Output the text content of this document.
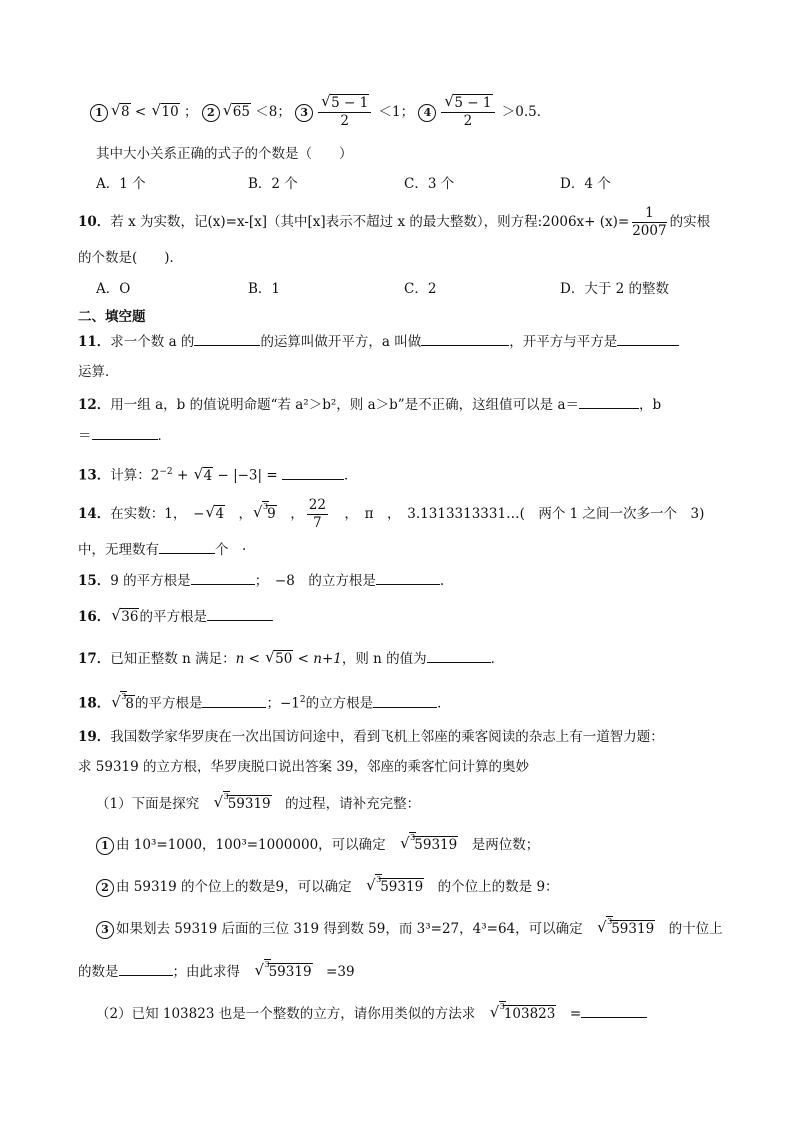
1 √ 8 < √ 10 ； 2 √ 65 ＜8； 3 √ $\frac{5 - 1}{2} <1$； 4 √ $\frac{5 - 1}{2} >0.5$．
其中大小关系正确的式子的个数是（　　）
A．1 个	B．2 个	C．3 个	D．4 个
10．若 x 为实数，记(x)=x-[x]（其中[x]表示不超过 x 的最大整数），则方程:2006x+ $(x)= \frac{1}{2007}$ 的实根
的个数是(　　)．
A．O	B．1	C．2	D．大于 2 的整数
二、填空题
11．求一个数 a 的	的运算叫做开平方，a 叫做	，开平方与平方是
运算．
12．用一组 a，b 的值说明命题“若 a²＞b²，则 a＞b”是不正确，这组值可以是 a＝	，b
＝	．
13．计算：$2^{-2}$ + √ 4 − |−3| =	．
14．在实数：1，　 − √ 4　， √ $^3$9　， $\frac{22}{7}$ 　，　π　，　3.1313313331…(　两个 1 之间一次多一个　3)
中，无理数有	个　·
15．9 的平方根是	；　−8　的立方根是	.
16． √ 36的平方根是
17．已知正整数 n 满足：n < √ 50 < n+1，则 n 的值为	．
18． √ $^3$8的平方根是	；$-1^2$的立方根是	．
19．我国数学家华罗庚在一次出国访问途中，看到飞机上邻座的乘客阅读的杂志上有一道智力题：
求 59319 的立方根，华罗庚脱口说出答案 39，邻座的乘客忙问计算的奥妙
（1）下面是探究　	√ $^3$59319　 的过程，请补充完整：
1 由 10³=1000，100³=1000000，可以确定　	√ $^3$59319　 是两位数；
2 由 59319 的个位上的数是9，可以确定　	√ $^3$59319　 的个位上的数是 9：
3 如果划去 59319 后面的三位 319 得到数 59，而 3³=27，4³=64，可以确定　	√ $^3$59319　 的十位上
的数是	；由此求得　	√ $^3$59319　 =39
（2）已知 103823 也是一个整数的立方，请你用类似的方法求　	√ $^3$103823　 =
